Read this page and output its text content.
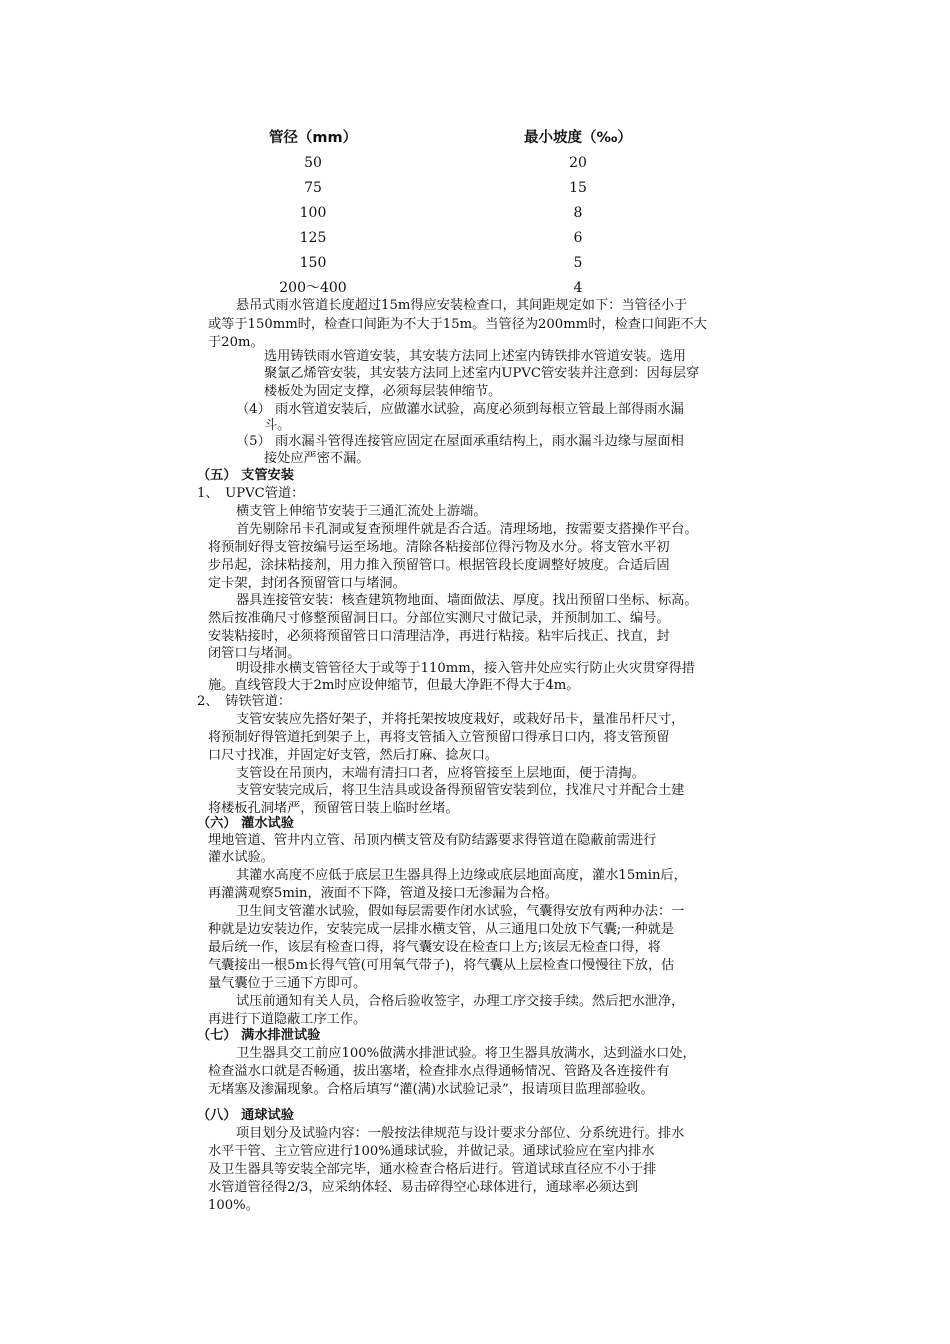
管径（mm）	最小坡度（‰）
50	20
75	15
100	8
125	6
150	5
200～400	4
悬吊式雨水管道长度超过15m得应安装检查口，其间距规定如下：当管径小于
或等于150mm时，检查口间距为不大于15m。当管径为200mm时，检查口间距不大
于20m。
选用铸铁雨水管道安装，其安装方法同上述室内铸铁排水管道安装。选用
聚氯乙烯管安装，其安装方法同上述室内UPVC管安装并注意到：因每层穿
楼板处为固定支撑，必须每层装伸缩节。
（4） 雨水管道安装后，应做灌水试验，高度必须到每根立管最上部得雨水漏
斗。
（5） 雨水漏斗管得连接管应固定在屋面承重结构上，雨水漏斗边缘与屋面相
接处应严密不漏。
（五） 支管安装
1、　UPVC管道：
横支管上伸缩节安装于三通汇流处上游端。
首先剔除吊卡孔洞或复查预埋件就是否合适。清理场地，按需要支搭操作平台。
将预制好得支管按编号运至场地。清除各粘接部位得污物及水分。将支管水平初
步吊起，涂抹粘接剂，用力推入预留管口。根据管段长度调整好坡度。合适后固
定卡架，封闭各预留管口与堵洞。
器具连接管安装：核查建筑物地面、墙面做法、厚度。找出预留口坐标、标高。
然后按准确尺寸修整预留洞日口。分部位实测尺寸做记录，并预制加工、编号。
安装粘接时，必须将预留管日口清理洁净，再进行粘接。粘牢后找正、找直，封
闭管口与堵洞。
明设排水横支管管径大于或等于110mm，接入管井处应实行防止火灾贯穿得措
施。直线管段大于2m时应设伸缩节，但最大净距不得大于4m。
2、　铸铁管道：
支管安装应先搭好架子，并将托架按坡度栽好，或栽好吊卡，量准吊杆尺寸，
将预制好得管道托到架子上，再将支管插入立管预留口得承日口内，将支管预留
口尺寸找准，并固定好支管，然后打麻、捻灰口。
支管设在吊顶内，末端有清扫口者，应将管接至上层地面，便于清掏。
支管安装完成后，将卫生洁具或设备得预留管安装到位，找准尺寸并配合土建
将楼板孔洞堵严，预留管日装上临时丝堵。
（六） 灌水试验
埋地管道、管井内立管、吊顶内横支管及有防结露要求得管道在隐蔽前需进行
灌水试验。
其灌水高度不应低于底层卫生器具得上边缘或底层地面高度，灌水15min后，
再灌满观察5min，液面不下降，管道及接口无渗漏为合格。
卫生间支管灌水试验，假如每层需要作闭水试验，气囊得安放有两种办法：一
种就是边安装边作，安装完成一层排水横支管，从三通甩口处放下气囊;一种就是
最后统一作，该层有检查口得，将气囊安设在检查口上方;该层无检查口得，将
气囊接出一根5m长得气管(可用氧气带子)，将气囊从上层检查口慢慢往下放，估
量气囊位于三通下方即可。
试压前通知有关人员，合格后验收签字，办理工序交接手续。然后把水泄净，
再进行下道隐蔽工序工作。
（七） 满水排泄试验
卫生器具交工前应100%做满水排泄试验。将卫生器具放满水，达到溢水口处，
检查溢水口就是否畅通，拔出塞堵，检查排水点得通畅情况、管路及各连接件有
无堵塞及渗漏现象。合格后填写“灌(满)水试验记录”，报请项目监理部验收。
（八） 通球试验
项目划分及试验内容：一般按法律规范与设计要求分部位、分系统进行。排水
水平干管、主立管应进行100%通球试验，并做记录。通球试验应在室内排水
及卫生器具等安装全部完毕，通水检查合格后进行。管道试球直径应不小于排
水管道管径得2/3，应采纳体轻、易击碎得空心球体进行，通球率必须达到
100%。
